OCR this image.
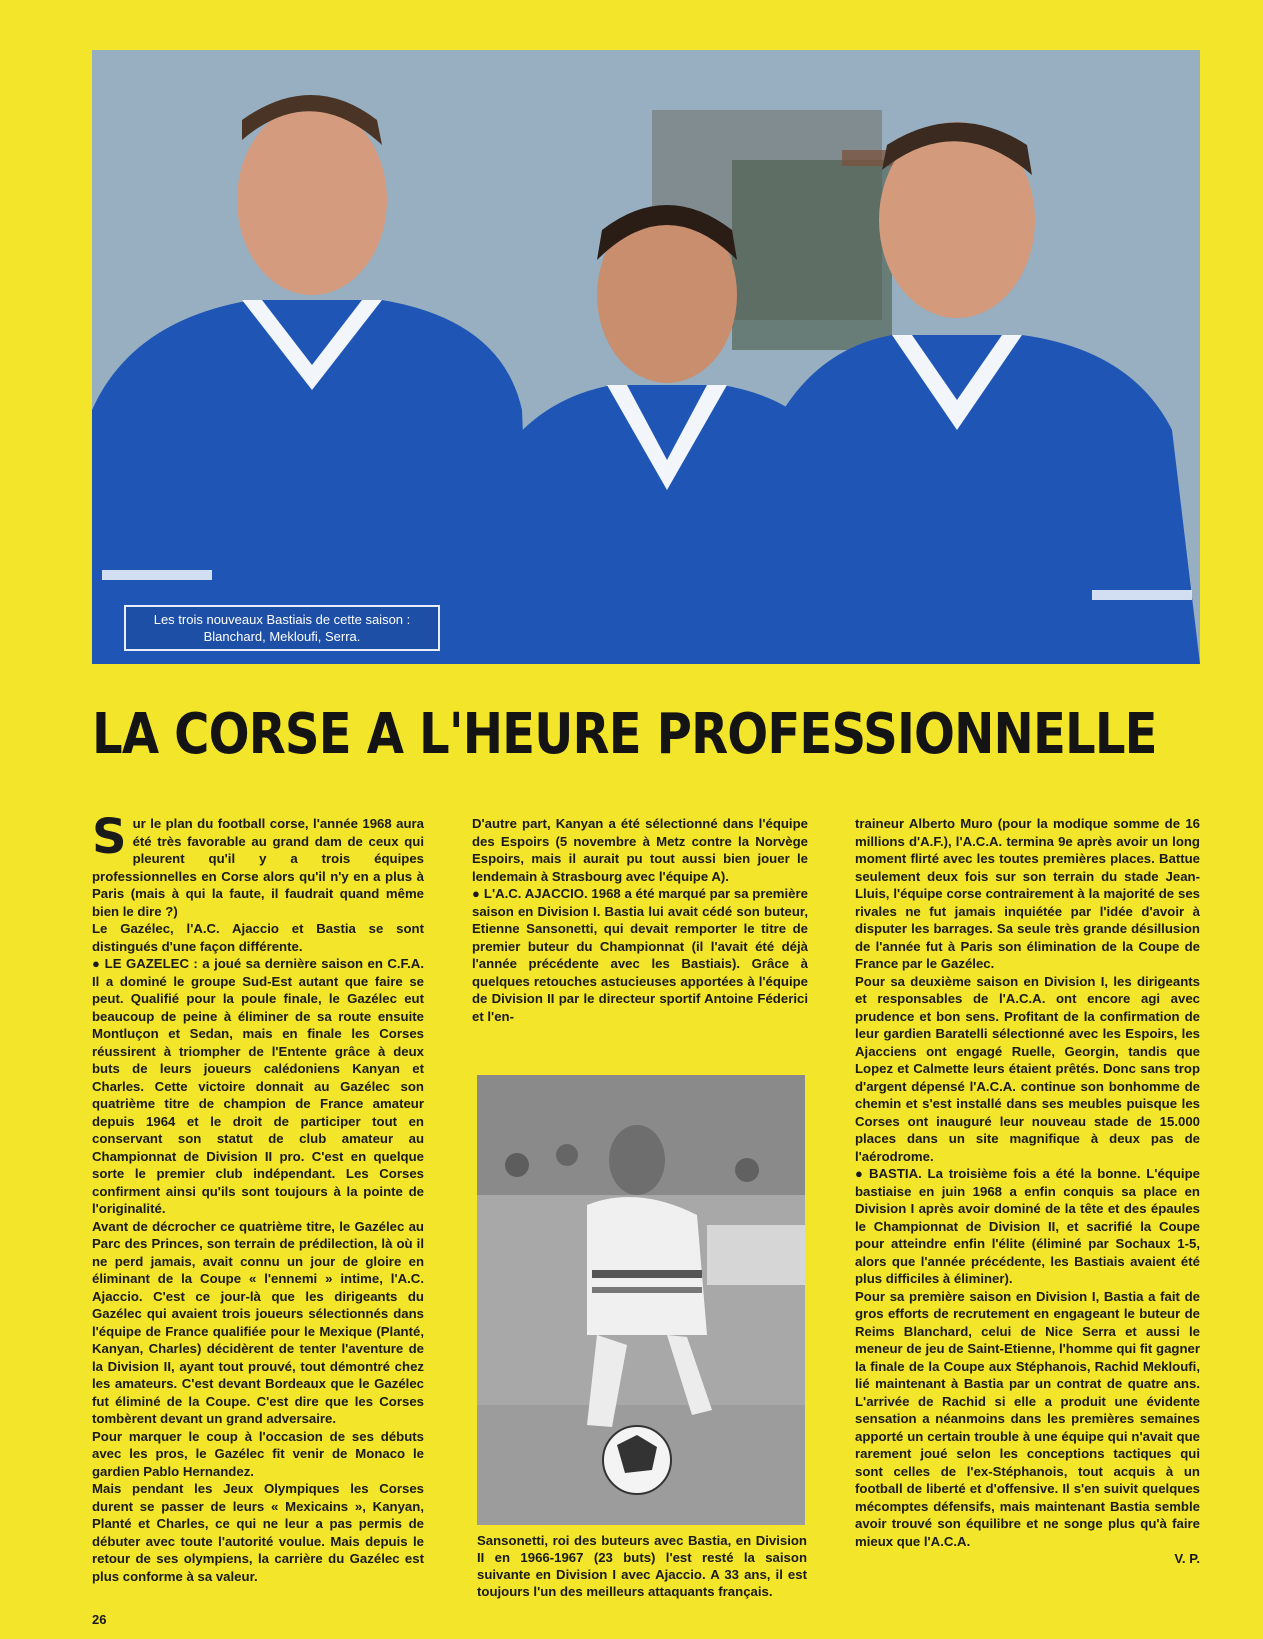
Les trois nouveaux Bastiais de cette saison : Blanchard, Mekloufi, Serra.
LA CORSE A L'HEURE PROFESSIONNELLE

Sur le plan du football corse, l'année 1968 aura été très favorable au grand dam de ceux qui pleurent qu'il y a trois équipes professionnelles en Corse alors qu'il n'y en a plus à Paris (mais à qui la faute, il faudrait quand même bien le dire ?)

Le Gazélec, l'A.C. Ajaccio et Bastia se sont distingués d'une façon différente.

● LE GAZELEC : a joué sa dernière saison en C.F.A. Il a dominé le groupe Sud-Est autant que faire se peut. Qualifié pour la poule finale, le Gazélec eut beaucoup de peine à éliminer de sa route ensuite Montluçon et Sedan, mais en finale les Corses réussirent à triompher de l'Entente grâce à deux buts de leurs joueurs calédoniens Kanyan et Charles. Cette victoire donnait au Gazélec son quatrième titre de champion de France amateur depuis 1964 et le droit de participer tout en conservant son statut de club amateur au Championnat de Division II pro. C'est en quelque sorte le premier club indépendant. Les Corses confirment ainsi qu'ils sont toujours à la pointe de l'originalité.

Avant de décrocher ce quatrième titre, le Gazélec au Parc des Princes, son terrain de prédilection, là où il ne perd jamais, avait connu un jour de gloire en éliminant de la Coupe « l'ennemi » intime, l'A.C. Ajaccio. C'est ce jour-là que les dirigeants du Gazélec qui avaient trois joueurs sélectionnés dans l'équipe de France qualifiée pour le Mexique (Planté, Kanyan, Charles) décidèrent de tenter l'aventure de la Division II, ayant tout prouvé, tout démontré chez les amateurs. C'est devant Bordeaux que le Gazélec fut éliminé de la Coupe. C'est dire que les Corses tombèrent devant un grand adversaire.

Pour marquer le coup à l'occasion de ses débuts avec les pros, le Gazélec fit venir de Monaco le gardien Pablo Hernandez.

Mais pendant les Jeux Olympiques les Corses durent se passer de leurs « Mexicains », Kanyan, Planté et Charles, ce qui ne leur a pas permis de débuter avec toute l'autorité voulue. Mais depuis le retour de ses olympiens, la carrière du Gazélec est plus conforme à sa valeur.

D'autre part, Kanyan a été sélectionné dans l'équipe des Espoirs (5 novembre à Metz contre la Norvège Espoirs, mais il aurait pu tout aussi bien jouer le lendemain à Strasbourg avec l'équipe A).

● L'A.C. AJACCIO. 1968 a été marqué par sa première saison en Division I. Bastia lui avait cédé son buteur, Etienne Sansonetti, qui devait remporter le titre de premier buteur du Championnat (il l'avait été déjà l'année précédente avec les Bastiais). Grâce à quelques retouches astucieuses apportées à l'équipe de Division II par le directeur sportif Antoine Féderici et l'en-

Sansonetti, roi des buteurs avec Bastia, en Division II en 1966-1967 (23 buts) l'est resté la saison suivante en Division I avec Ajaccio. A 33 ans, il est toujours l'un des meilleurs attaquants français.

traineur Alberto Muro (pour la modique somme de 16 millions d'A.F.), l'A.C.A. termina 9e après avoir un long moment flirté avec les toutes premières places. Battue seulement deux fois sur son terrain du stade Jean-Lluis, l'équipe corse contrairement à la majorité de ses rivales ne fut jamais inquiétée par l'idée d'avoir à disputer les barrages. Sa seule très grande désillusion de l'année fut à Paris son élimination de la Coupe de France par le Gazélec.

Pour sa deuxième saison en Division I, les dirigeants et responsables de l'A.C.A. ont encore agi avec prudence et bon sens. Profitant de la confirmation de leur gardien Baratelli sélectionné avec les Espoirs, les Ajacciens ont engagé Ruelle, Georgin, tandis que Lopez et Calmette leurs étaient prêtés. Donc sans trop d'argent dépensé l'A.C.A. continue son bonhomme de chemin et s'est installé dans ses meubles puisque les Corses ont inauguré leur nouveau stade de 15.000 places dans un site magnifique à deux pas de l'aérodrome.

● BASTIA. La troisième fois a été la bonne. L'équipe bastiaise en juin 1968 a enfin conquis sa place en Division I après avoir dominé de la tête et des épaules le Championnat de Division II, et sacrifié la Coupe pour atteindre enfin l'élite (éliminé par Sochaux 1-5, alors que l'année précédente, les Bastiais avaient été plus difficiles à éliminer).

Pour sa première saison en Division I, Bastia a fait de gros efforts de recrutement en engageant le buteur de Reims Blanchard, celui de Nice Serra et aussi le meneur de jeu de Saint-Etienne, l'homme qui fit gagner la finale de la Coupe aux Stéphanois, Rachid Mekloufi, lié maintenant à Bastia par un contrat de quatre ans. L'arrivée de Rachid si elle a produit une évidente sensation a néanmoins dans les premières semaines apporté un certain trouble à une équipe qui n'avait que rarement joué selon les conceptions tactiques qui sont celles de l'ex-Stéphanois, tout acquis à un football de liberté et d'offensive. Il s'en suivit quelques mécomptes défensifs, mais maintenant Bastia semble avoir trouvé son équilibre et ne songe plus qu'à faire mieux que l'A.C.A.

V. P.

26
